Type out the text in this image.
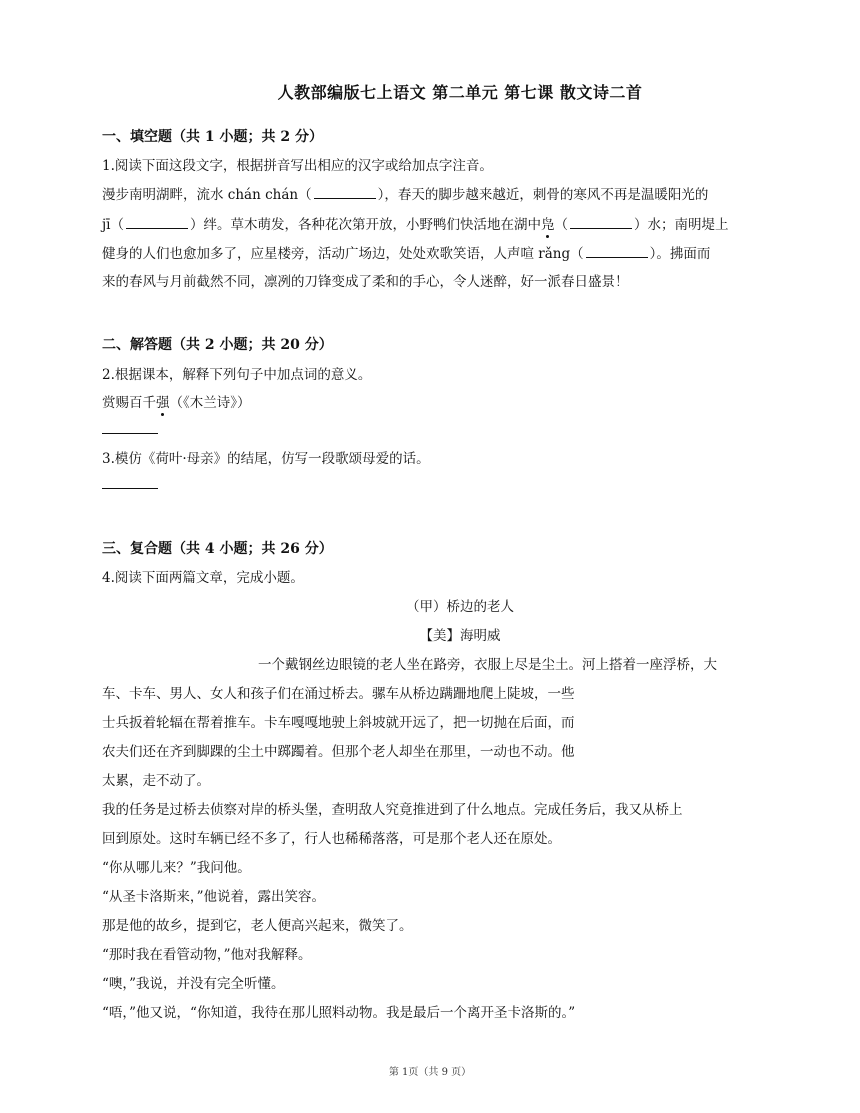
人教部编版七上语文 第二单元 第七课 散文诗二首
一、填空题（共 1 小题；共 2 分）
1.阅读下面这段文字，根据拼音写出相应的汉字或给加点字注音。
漫步南明湖畔，流水 chán chán（	），春天的脚步越来越近，刺骨的寒风不再是温暖阳光的
jī（	）绊。草木萌发，各种花次第开放，小野鸭们快活地在湖中凫（	）水；南明堤上
健身的人们也愈加多了，应星楼旁，活动广场边，处处欢歌笑语，人声喧 rǎng（	）。拂面而
来的春风与月前截然不同，凛冽的刀锋变成了柔和的手心，令人迷醉，好一派春日盛景！
二、解答题（共 2 小题；共 20 分）
2.根据课本，解释下列句子中加点词的意义。
赏赐百千强（《木兰诗》）
3.模仿《荷叶·母亲》的结尾，仿写一段歌颂母爱的话。
三、复合题（共 4 小题；共 26 分）
4.阅读下面两篇文章，完成小题。
（甲）桥边的老人
【美】海明威
一个戴钢丝边眼镜的老人坐在路旁，衣服上尽是尘土。河上搭着一座浮桥，大
车、卡车、男人、女人和孩子们在涌过桥去。骡车从桥边蹒跚地爬上陡坡，一些
士兵扳着轮辐在帮着推车。卡车嘎嘎地驶上斜坡就开远了，把一切抛在后面，而
农夫们还在齐到脚踝的尘土中踯躅着。但那个老人却坐在那里，一动也不动。他
太累，走不动了。
我的任务是过桥去侦察对岸的桥头堡，查明敌人究竟推进到了什么地点。完成任务后，我又从桥上
回到原处。这时车辆已经不多了，行人也稀稀落落，可是那个老人还在原处。
“你从哪儿来？”我问他。
“从圣卡洛斯来，”他说着，露出笑容。
那是他的故乡，提到它，老人便高兴起来，微笑了。
“那时我在看管动物，”他对我解释。
“噢，”我说，并没有完全听懂。
“唔，”他又说，“你知道，我待在那儿照料动物。我是最后一个离开圣卡洛斯的。”
第 1页（共 9 页）
